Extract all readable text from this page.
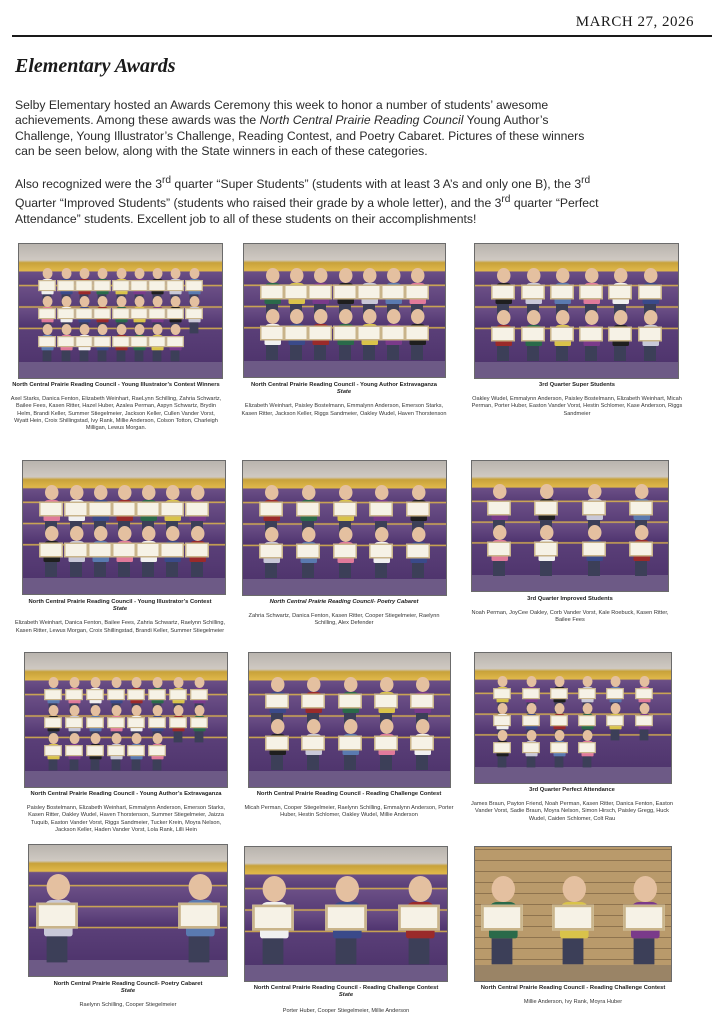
MARCH 27, 2026
Elementary Awards

Selby Elementary hosted an Awards Ceremony this week to honor a number of students’ awesome achievements. Among these awards was the North Central Prairie Reading Council Young Author’s Challenge, Young Illustrator’s Challenge, Reading Contest, and Poetry Cabaret. Pictures of these winners can be seen below, along with the State winners in each of these categories.

Also recognized were the 3rd quarter “Super Students” (students with at least 3 A’s and only one B), the 3rd Quarter “Improved Students” (students who raised their grade by a whole letter), and the 3rd quarter “Perfect Attendance” students. Excellent job to all of these students on their accomplishments!

North Central Prairie Reading Council - Young Illustrator’s Contest Winners
Axel Starks, Danica Fenton, Elizabeth Weinhart, RaeLynn Schilling, Zahria Schwartz, Bailee Fees, Kasen Ritter, Hazel Huber, Azalea Perman, Aspyn Schwartz, Brydin Helm, Brandi Keller, Summer Stiegelmeier, Jackson Keller, Cullen Vander Vorst, Wyatt Hein, Croix Shillingstad, Ivy Rank, Millie Anderson, Colson Totton, Charleigh Milligan, Lewus Morgan.
North Central Prairie Reading Council - Young Author Extravaganza
State
Elizabeth Weinhart, Paisley Bostelmann, Emmalynn Anderson, Emerson Starks, Kasen Ritter, Jackson Keller, Riggs Sandmeier, Oakley Wudel, Haven Thorstenson
3rd Quarter Super Students
Oakley Wudel, Emmalynn Anderson, Paisley Bostelmann, Elizabeth Weinhart, Micah Perman, Porter Huber, Easton Vander Vorst, Hestin Schlomer, Kase Anderson, Riggs Sandmeier
North Central Prairie Reading Council - Young Illustrator’s Contest
State
Elizabeth Weinhart, Danica Fenton, Bailee Fees, Zahria Schwartz, Raelynn Schilling, Kasen Ritter, Lewus Morgan, Croix Shillingstad, Brandi Keller, Summer Stiegelmeier
North Central Prairie Reading Council- Poetry Cabaret
Zahria Schwartz, Danica Fenton, Kasen Ritter, Cooper Stiegelmeier, Raelynn Schilling, Alex Defender
3rd Quarter Improved Students
Noah Perman, JoyCee Oakley, Corb Vander Vorst, Kale Roebuck, Kasen Ritter, Bailee Fees
North Central Prairie Reading Council - Young Author’s Extravaganza
Paisley Bostelmann, Elizabeth Weinhart, Emmalynn Anderson, Emerson Starks, Kasen Ritter, Oakley Wudel, Haven Thorstenson, Summer Stiegelmeier, Jaizza Tuquib, Easton Vander Vorst, Riggs Sandmeier, Tucker Krein, Moyra Nelson, Jackson Keller, Haden Vander Vorst, Lola Rank, Lilli Hein
North Central Prairie Reading Council - Reading Challenge Contest
Micah Perman, Cooper Stiegelmeier, Raelynn Schilling, Emmalynn Anderson, Porter Huber, Hestin Schlomer, Oakley Wudel, Millie Anderson
3rd Quarter Perfect Attendance
James Braun, Payton Friend, Noah Perman, Kasen Ritter, Danica Fenton, Easton Vander Vorst, Sadie Braun, Moyra Nelson, Simon Hirsch, Paisley Gregg, Huck Wudel, Caiden Schlomer, Colt Rau
North Central Prairie Reading Council- Poetry Cabaret
State
Raelynn Schilling, Cooper Stiegelmeier
North Central Prairie Reading Council - Reading Challenge Contest
State
Porter Huber, Cooper Stiegelmeier, Millie Anderson
North Central Prairie Reading Council - Reading Challenge Contest
Millie Anderson, Ivy Rank, Moyra Huber
